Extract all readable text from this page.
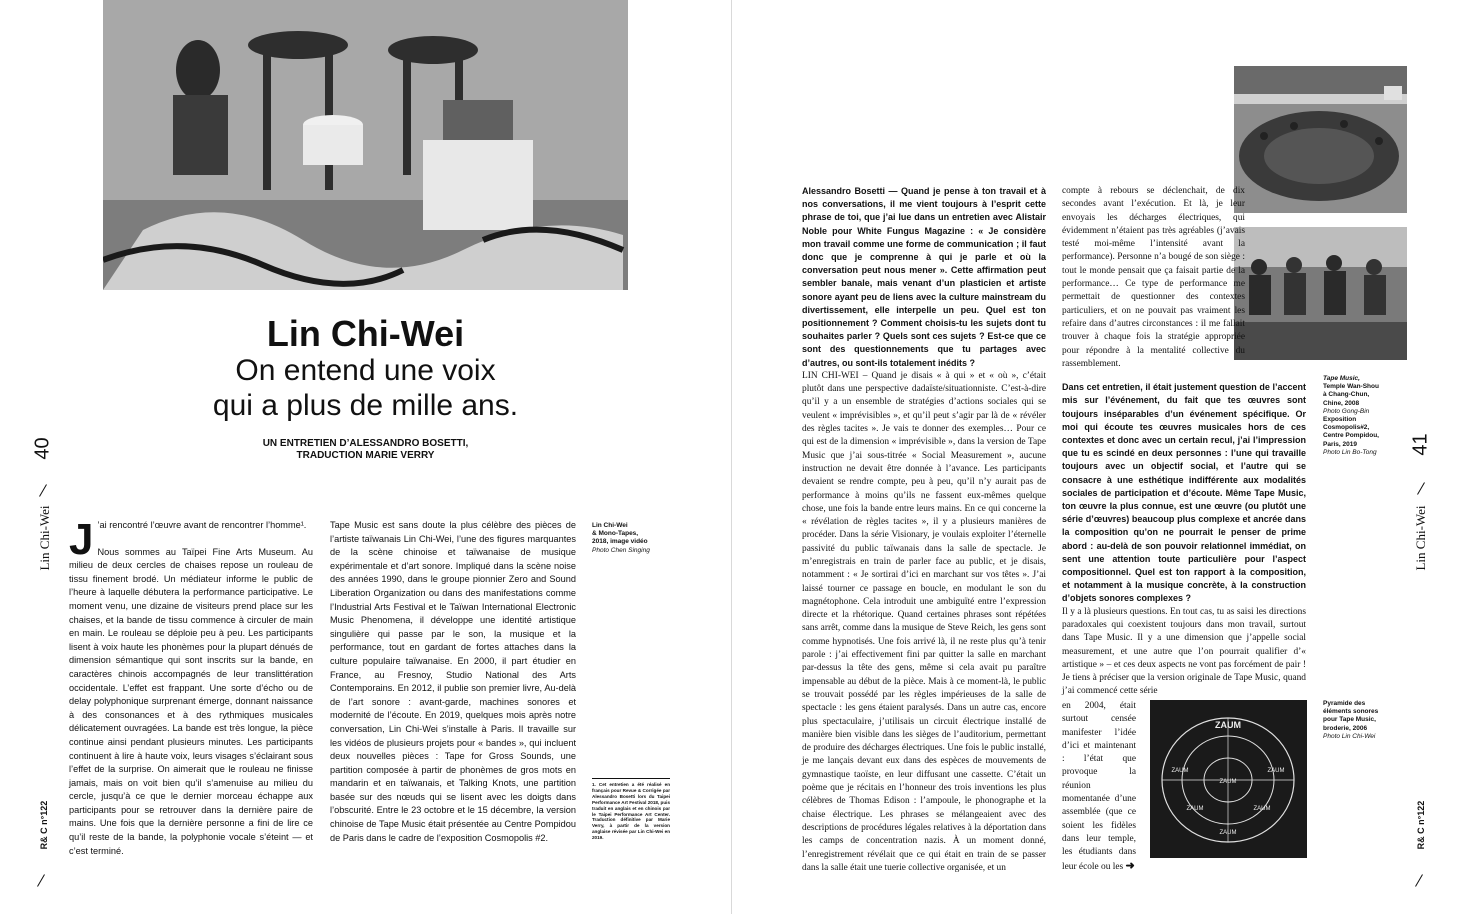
Lin Chi-Wei
On entend une voix
qui a plus de mille ans.
UN ENTRETIEN D’ALESSANDRO BOSETTI,
TRADUCTION MARIE VERRY
40
Lin Chi-Wei
R& C n°122
J ’ai rencontré l’œuvre avant de rencontrer l’homme¹.

Nous sommes au Taïpei Fine Arts Museum. Au milieu de deux cercles de chaises repose un rouleau de tissu finement brodé. Un médiateur informe le public de l’heure à laquelle débutera la performance participative. Le moment venu, une dizaine de visiteurs prend place sur les chaises, et la bande de tissu commence à circuler de main en main. Le rouleau se déploie peu à peu. Les participants lisent à voix haute les phonèmes pour la plupart dénués de dimension sémantique qui sont inscrits sur la bande, en caractères chinois accompagnés de leur translittération occidentale. L’effet est frappant. Une sorte d’écho ou de delay polyphonique surprenant émerge, donnant naissance à des consonances et à des rythmiques musicales délicatement ouvragées. La bande est très longue, la pièce continue ainsi pendant plusieurs minutes. Les participants continuent à lire à haute voix, leurs visages s’éclairant sous l’effet de la surprise. On aimerait que le rouleau ne finisse jamais, mais on voit bien qu’il s’amenuise au milieu du cercle, jusqu’à ce que le dernier morceau échappe aux participants pour se retrouver dans la dernière paire de mains. Une fois que la dernière personne a fini de lire ce qu’il reste de la bande, la polyphonie vocale s’éteint — et c’est terminé.

Tape Music est sans doute la plus célèbre des pièces de l’artiste taïwanais Lin Chi-Wei, l’une des figures marquantes de la scène chinoise et taïwanaise de musique expérimentale et d’art sonore. Impliqué dans la scène noise des années 1990, dans le groupe pionnier Zero and Sound Liberation Organization ou dans des manifestations comme l’Industrial Arts Festival et le Taïwan International Electronic Music Phenomena, il développe une identité artistique singulière qui passe par le son, la musique et la performance, tout en gardant de fortes attaches dans la culture populaire taïwanaise. En 2000, il part étudier en France, au Fresnoy, Studio National des Arts Contemporains. En 2012, il publie son premier livre, Au-delà de l’art sonore : avant-garde, machines sonores et modernité de l’écoute. En 2019, quelques mois après notre conversation, Lin Chi-Wei s’installe à Paris. Il travaille sur les vidéos de plusieurs projets pour « bandes », qui incluent deux nouvelles pièces : Tape for Gross Sounds, une partition composée à partir de phonèmes de gros mots en mandarin et en taïwanais, et Talking Knots, une partition basée sur des nœuds qui se lisent avec les doigts dans l’obscurité. Entre le 23 octobre et le 15 décembre, la version chinoise de Tape Music était présentée au Centre Pompidou de Paris dans le cadre de l’exposition Cosmopolis #2.

Lin Chi-Wei
& Mono-Tapes,
2018, image vidéo
Photo Chen Singing
1. Cet entretien a été réalisé en français pour Revue & Corrigée par Alessandro Bosetti lors du Taipei Performance Art Festival 2018, puis traduit en anglais et en chinois par le Taipei Performance Art Center. Traduction définitive par Marie Verry, à partir de la version anglaise révisée par Lin Chi-Wei en 2019.

Alessandro Bosetti — Quand je pense à ton travail et à nos conversations, il me vient toujours à l’esprit cette phrase de toi, que j’ai lue dans un entretien avec Alistair Noble pour White Fungus Magazine : « Je considère mon travail comme une forme de communication ; il faut donc que je comprenne à qui je parle et où la conversation peut nous mener ». Cette affirmation peut sembler banale, mais venant d’un plasticien et artiste sonore ayant peu de liens avec la culture mainstream du divertissement, elle interpelle un peu. Quel est ton positionnement ? Comment choisis-tu les sujets dont tu souhaites parler ? Quels sont ces sujets ? Est-ce que ce sont des questionnements que tu partages avec d’autres, ou sont-ils totalement inédits ?

LIN CHI-WEI – Quand je disais « à qui » et « où », c’était plutôt dans une perspective dadaïste/situationniste. C’est-à-dire qu’il y a un ensemble de stratégies d’actions sociales qui se veulent « imprévisibles », et qu’il peut s’agir par là de « révéler des règles tacites ». Je vais te donner des exemples… Pour ce qui est de la dimension « imprévisible », dans la version de Tape Music que j’ai sous-titrée « Social Measurement », aucune instruction ne devait être donnée à l’avance. Les participants devaient se rendre compte, peu à peu, qu’il n’y aurait pas de performance à moins qu’ils ne fassent eux-mêmes quelque chose, une fois la bande entre leurs mains. En ce qui concerne la « révélation de règles tacites », il y a plusieurs manières de procéder. Dans la série Visionary, je voulais exploiter l’éternelle passivité du public taïwanais dans la salle de spectacle. Je m’enregistrais en train de parler face au public, et je disais, notamment : « Je sortirai d’ici en marchant sur vos têtes ». J’ai laissé tourner ce passage en boucle, en modulant le son du magnétophone. Cela introduit une ambiguïté entre l’expression directe et la rhétorique. Quand certaines phrases sont répétées sans arrêt, comme dans la musique de Steve Reich, les gens sont comme hypnotisés. Une fois arrivé là, il ne reste plus qu’à tenir parole : j’ai effectivement fini par quitter la salle en marchant par-dessus la tête des gens, même si cela avait pu paraître impensable au début de la pièce. Mais à ce moment-là, le public se trouvait possédé par les règles impérieuses de la salle de spectacle : les gens étaient paralysés. Dans un autre cas, encore plus spectaculaire, j’utilisais un circuit électrique installé de manière bien visible dans les sièges de l’auditorium, permettant de produire des décharges électriques. Une fois le public installé, je me lançais devant eux dans des espèces de mouvements de gymnastique taoïste, en leur diffusant une cassette. C’était un poème que je récitais en l’honneur des trois inventions les plus célèbres de Thomas Edison : l’ampoule, le phonographe et la chaise électrique. Les phrases se mélangeaient avec des descriptions de procédures légales relatives à la déportation dans les camps de concentration nazis. À un moment donné, l’enregistrement révélait que ce qui était en train de se passer dans la salle était une tuerie collective organisée, et un

compte à rebours se déclenchait, de dix secondes avant l’exécution. Et là, je leur envoyais les décharges électriques, qui évidemment n’étaient pas très agréables (j’avais testé moi-même l’intensité avant la performance). Personne n’a bougé de son siège : tout le monde pensait que ça faisait partie de la performance… Ce type de performance me permettait de questionner des contextes particuliers, et on ne pouvait pas vraiment les refaire dans d’autres circonstances : il me fallait trouver à chaque fois la stratégie appropriée pour répondre à la mentalité collective du rassemblement.

Dans cet entretien, il était justement question de l’accent mis sur l’événement, du fait que tes œuvres sont toujours inséparables d’un événement spécifique. Or moi qui écoute tes œuvres musicales hors de ces contextes et donc avec un certain recul, j’ai l’impression que tu es scindé en deux personnes : l’une qui travaille toujours avec un objectif social, et l’autre qui se consacre à une esthétique indifférente aux modalités sociales de participation et d’écoute. Même Tape Music, ton œuvre la plus connue, est une œuvre (ou plutôt une série d’œuvres) beaucoup plus complexe et ancrée dans la composition qu’on ne pourrait le penser de prime abord : au-delà de son pouvoir relationnel immédiat, on sent une attention toute particulière pour l’aspect compositionnel. Quel est ton rapport à la composition, et notamment à la musique concrète, à la construction d’objets sonores complexes ?

Il y a là plusieurs questions. En tout cas, tu as saisi les directions paradoxales qui coexistent toujours dans mon travail, surtout dans Tape Music. Il y a une dimension que j’appelle social measurement, et une autre que l’on pourrait qualifier d’« artistique » – et ces deux aspects ne vont pas forcément de pair ! Je tiens à préciser que la version originale de Tape Music, quand j’ai commencé cette série

en 2004, était surtout censée manifester l’idée d’ici et maintenant : l’état que provoque la réunion momentanée d’une assemblée (que ce soient les fidèles dans leur temple, les étudiants dans leur école ou les ➜

ZAUM
ZAUM	ZAUM
ZAUM
ZAUM	ZAUM
ZAUM
Tape Music,
Temple Wan-Shou
à Chang-Chun,
Chine, 2008
Photo Gong-Bin
Exposition
Cosmopolis#2,
Centre Pompidou,
Paris, 2019
Photo Lin Bo-Tong
Pyramide des
éléments sonores
pour Tape Music,
broderie, 2006
Photo Lin Chi-Wei
41
Lin Chi-Wei
R& C n°122
